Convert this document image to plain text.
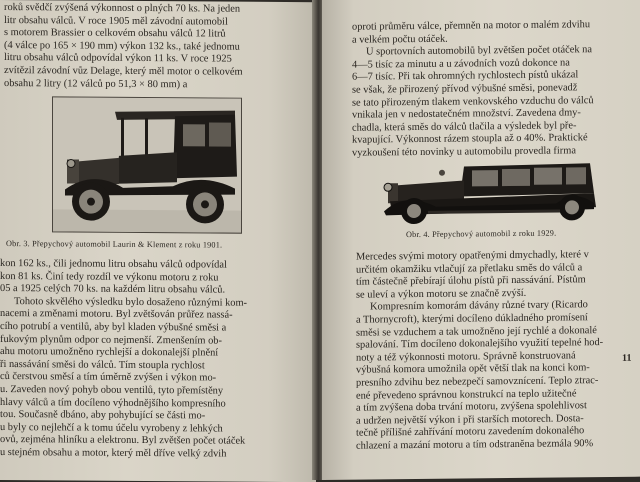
roků svědčí zvýšená výkonnost o plných 70 ks. Na jeden
litr obsahu válců. V roce 1905 měl závodní automobil
s motorem Brassier o celkovém obsahu válců 12 litrů
(4 válce po 165 × 190 mm) výkon 132 ks., také jednomu
litru obsahu válců odpovídal výkon 11 ks. V roce 1925
zvítězil závodní vůz Delage, který měl motor o celkovém
obsahu 2 litry (12 válců po 51,3 × 80 mm) a
Obr. 3. Přepychový automobil Laurin & Klement z roku 1901.
kon 162 ks., čili jednomu litru obsahu válců odpovídal
kon 81 ks. Činí tedy rozdíl ve výkonu motoru z roku
05 a 1925 celých 70 ks. na každém litru obsahu válců.
Tohoto skvělého výsledku bylo dosaženo různými kom-
nacemi a změnami motoru. Byl zvětšován průřez nassá-
cího potrubí a ventilů, aby byl kladen výbušné směsi a
fukovým plynům odpor co nejmenší. Zmenšením ob-
ahu motoru umožněno rychlejší a dokonalejší plnění
ři nassávání směsi do válců. Tím stoupla rychlost
ců čerstvou směsí a tím úměrně zvýšen i výkon mo-
u. Zaveden nový pohyb obou ventilů, tyto přemístěny
hlavy válců a tím docíleno výhodnějšího kompresního
tou. Současně dbáno, aby pohybující se části mo-
u byly co nejlehčí a k tomu účelu vyrobeny z lehkých
ovů, zejména hliníku a elektronu. Byl zvětšen počet otáček
u stejném obsahu a motor, který měl dříve velký zdvih
oproti průměru válce, přemněn na motor o malém zdvihu
a velkém počtu otáček.
U sportovních automobilů byl zvětšen počet otáček na
4—5 tisíc za minutu a u závodních vozů dokonce na
6—7 tisíc. Při tak ohromných rychlostech pístů ukázal
se však, že přirozený přívod výbušné směsi, ponevadž
se tato přirozeným tlakem venkovského vzduchu do válců
vnikala jen v nedostatečném množství. Zavedena dmy-
chadla, která směs do válců tlačila a výsledek byl pře-
kvapující. Výkonnost rázem stoupla až o 40%. Praktické
vyzkoušení této novinky u automobilu provedla firma
Obr. 4. Přepychový automobil z roku 1929.
Mercedes svými motory opatřenými dmychadly, které v
určitém okamžiku vtlačují za přetlaku směs do válců a
tím částečně přebírají úlohu pístů při nassávání. Pístům
se uleví a výkon motoru se značně zvýší.
Kompresním komorám dávány různé tvary (Ricardo
a Thornycroft), kterými docíleno dúkladného promísení
směsi se vzduchem a tak umožněno její rychlé a dokonalé
spalování. Tím docíleno dokonalejšího využití tepelné hod-
noty a též výkonnosti motoru. Správně konstruovaná
výbušná komora umožnila opět větší tlak na konci kom-
presního zdvihu bez nebezpečí samovznícení. Teplo ztrac-
ené převedeno správnou konstrukcí na teplo užitečné
a tím zvýšena doba trvání motoru, zvýšena spolehlivost
a udržen největší výkon i při starších motorech. Dosta-
tečně přílišné zahřívání motoru zavedením dokonalého
chlazení a mazání motoru a tím odstraněna bezmála 90%
11
